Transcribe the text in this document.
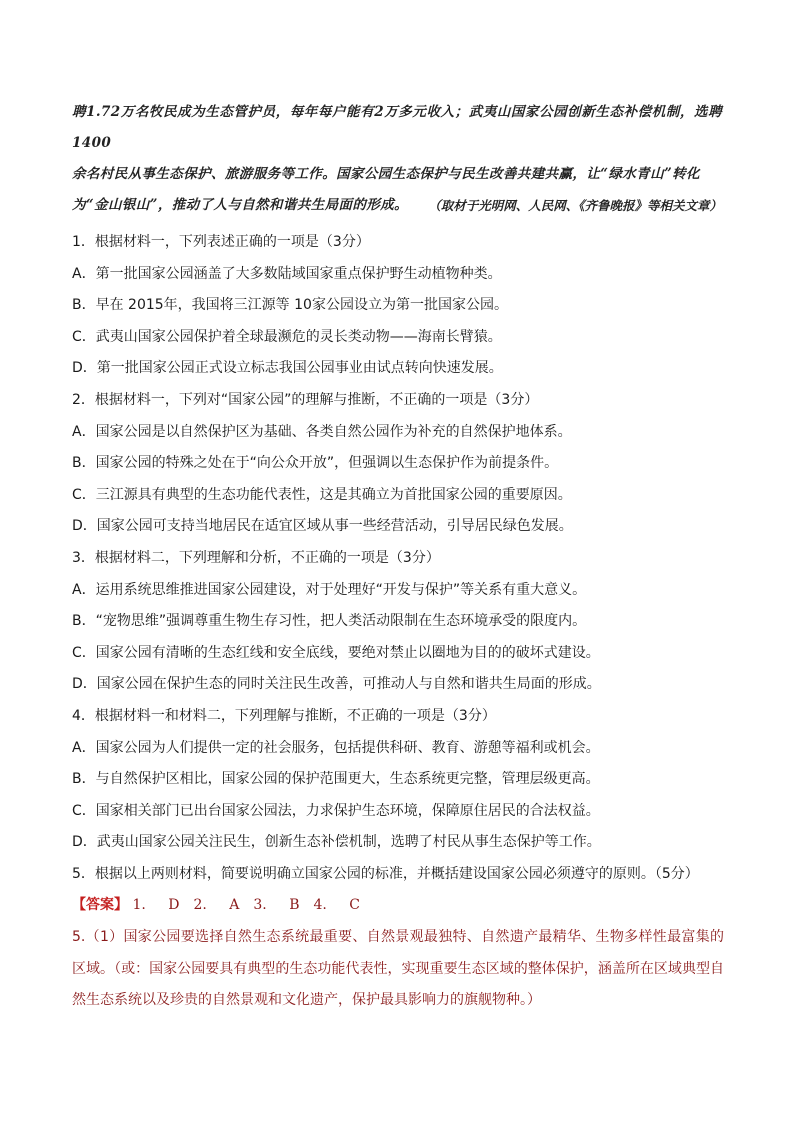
聘1.72万名牧民成为生态管护员，每年每户能有2万多元收入；武夷山国家公园创新生态补偿机制，选聘1400

余名村民从事生态保护、旅游服务等工作。国家公园生态保护与民生改善共建共赢，让“绿水青山”转化

为“金山银山”，推动了人与自然和谐共生局面的形成。	（取材于光明网、人民网、《齐鲁晚报》等相关文章）
1．根据材料一，下列表述正确的一项是（3分）
A．第一批国家公园涵盖了大多数陆域国家重点保护野生动植物种类。
B．早在 2015年，我国将三江源等 10家公园设立为第一批国家公园。
C．武夷山国家公园保护着全球最濒危的灵长类动物——海南长臂猿。
D．第一批国家公园正式设立标志我国公园事业由试点转向快速发展。
2．根据材料一，下列对“国家公园”的理解与推断，不正确的一项是（3分）
A．国家公园是以自然保护区为基础、各类自然公园作为补充的自然保护地体系。
B．国家公园的特殊之处在于“向公众开放”，但强调以生态保护作为前提条件。
C．三江源具有典型的生态功能代表性，这是其确立为首批国家公园的重要原因。
D．国家公园可支持当地居民在适宜区域从事一些经营活动，引导居民绿色发展。
3．根据材料二，下列理解和分析，不正确的一项是（3分）
A．运用系统思维推进国家公园建设，对于处理好“开发与保护”等关系有重大意义。
B．“宠物思维”强调尊重生物生存习性，把人类活动限制在生态环境承受的限度内。
C．国家公园有清晰的生态红线和安全底线，要绝对禁止以圈地为目的的破坏式建设。
D．国家公园在保护生态的同时关注民生改善，可推动人与自然和谐共生局面的形成。
4．根据材料一和材料二，下列理解与推断，不正确的一项是（3分）
A．国家公园为人们提供一定的社会服务，包括提供科研、教育、游憩等福利或机会。
B．与自然保护区相比，国家公园的保护范围更大，生态系统更完整，管理层级更高。
C．国家相关部门已出台国家公园法，力求保护生态环境，保障原住居民的合法权益。
D．武夷山国家公园关注民生，创新生态补偿机制，选聘了村民从事生态保护等工作。
5．根据以上两则材料，简要说明确立国家公园的标准，并概括建设国家公园必须遵守的原则。（5分）
【答案】 1. D　2. A　3. B　4. C
5.（1）国家公园要选择自然生态系统最重要、自然景观最独特、自然遗产最精华、生物多样性最富集的区域。（或：国家公园要具有典型的生态功能代表性，实现重要生态区域的整体保护，涵盖所在区域典型自然生态系统以及珍贵的自然景观和文化遗产，保护最具影响力的旗舰物种。）
